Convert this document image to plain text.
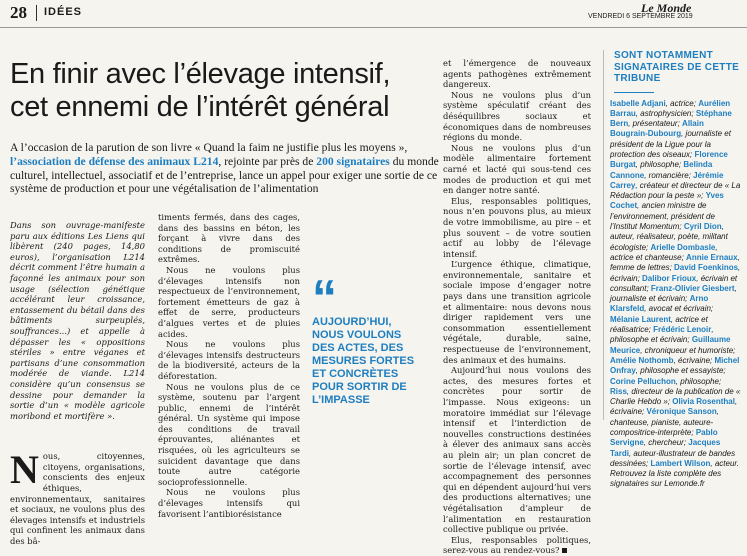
28 IDÉES	Le Monde
VENDREDI 6 SEPTEMBRE 2019
En finir avec l’élevage intensif,
cet ennemi de l’intérêt général
A l’occasion de la parution de son livre « Quand la faim ne justifie plus les moyens », l’association de défense des animaux L214, rejointe par près de 200 signataires du monde culturel, intellectuel, associatif et de l’entreprise, lance un appel pour exiger une sortie de ce système de production et pour une végétalisation de l’alimentation

Dans son ouvrage-manifeste paru aux éditions Les Liens qui libèrent (240 pages, 14,80 euros), l’organisation L214 décrit comment l’être humain a façonné les animaux pour son usage (sélection génétique accélérant leur croissance, entassement du bétail dans des bâtiments surpeuplés, souffrances...) et appelle à dépasser les « oppositions stériles » entre véganes et partisans d’une consommation modérée de viande. L214 considère qu’un consensus se dessine pour demander la sortie d’un « modèle agricole moribond et mortifère ».

Nous, citoyennes, citoyens, organisations, conscients des enjeux éthiques, environnementaux, sanitaires et sociaux, ne voulons plus des élevages intensifs et industriels qui confinent les animaux dans des bâ-

timents fermés, dans des cages, dans des bassins en béton, les forçant à vivre dans des conditions de promiscuité extrêmes.

Nous ne voulons plus d’élevages intensifs non respectueux de l’environnement, fortement émetteurs de gaz à effet de serre, producteurs d’algues vertes et de pluies acides.

Nous ne voulons plus d’élevages intensifs destructeurs de la biodiversité, acteurs de la déforestation.

Nous ne voulons plus de ce système, soutenu par l’argent public, ennemi de l’intérêt général. Un système qui impose des conditions de travail éprouvantes, aliénantes et risquées, où les agriculteurs se suicident davantage que dans toute autre catégorie socioprofessionnelle.

Nous ne voulons plus d’élevages intensifs qui favorisent l’antibiorésistance

“
AUJOURD’HUI, NOUS VOULONS DES ACTES, DES MESURES FORTES ET CONCRÈTES POUR SORTIR DE L’IMPASSE

et l’émergence de nouveaux agents pathogènes extrêmement dangereux.

Nous ne voulons plus d’un système spéculatif créant des déséquilibres sociaux et économiques dans de nombreuses régions du monde.

Nous ne voulons plus d’un modèle alimentaire fortement carné et lacté qui sous-tend ces modes de production et qui met en danger notre santé.

Elus, responsables politiques, nous n’en pouvons plus, au mieux de votre immobilisme, au pire – et plus souvent – de votre soutien actif au lobby de l’élevage intensif.

L’urgence éthique, climatique, environnementale, sanitaire et sociale impose d’engager notre pays dans une transition agricole et alimentaire: nous devons nous diriger rapidement vers une consommation essentiellement végétale, durable, saine, respectueuse de l’environnement, des animaux et des humains.

Aujourd’hui nous voulons des actes, des mesures fortes et concrètes pour sortir de l’impasse. Nous exigeons: un moratoire immédiat sur l’élevage intensif et l’interdiction de nouvelles constructions destinées à élever des animaux sans accès au plein air; un plan concret de sortie de l’élevage intensif, avec accompagnement des personnes qui en dépendent aujourd’hui vers des productions alternatives; une végétalisation d’ampleur de l’alimentation en restauration collective publique ou privée.

Elus, responsables politiques, serez-vous au rendez-vous?

SONT NOTAMMENT SIGNATAIRES DE CETTE TRIBUNE
Isabelle Adjani, actrice; Aurélien Barrau, astrophysicien; Stéphane Bern, présentateur; Allain Bougrain-Dubourg, journaliste et président de la Ligue pour la protection des oiseaux; Florence Burgat, philosophe; Belinda Cannone, romancière; Jérémie Carrey, créateur et directeur de « La Rédaction pour la peste »; Yves Cochet, ancien ministre de l’environnement, président de l’Institut Momentum; Cyril Dion, auteur, réalisateur, poète, militant écologiste; Arielle Dombasle, actrice et chanteuse; Annie Ernaux, femme de lettres; David Foenkinos, écrivain; Dalibor Frioux, écrivain et consultant; Franz-Olivier Giesbert, journaliste et écrivain; Arno Klarsfeld, avocat et écrivain; Mélanie Laurent, actrice et réalisatrice; Frédéric Lenoir, philosophe et écrivain; Guillaume Meurice, chroniqueur et humoriste; Amélie Nothomb, écrivaine; Michel Onfray, philosophe et essayiste; Corine Pelluchon, philosophe; Riss, directeur de la publication de « Charlie Hebdo »; Olivia Rosenthal, écrivaine; Véronique Sanson, chanteuse, pianiste, auteure-compositrice-interprète; Pablo Servigne, chercheur; Jacques Tardi, auteur-illustrateur de bandes dessinées; Lambert Wilson, acteur.
Retrouvez la liste complète des signataires sur Lemonde.fr
